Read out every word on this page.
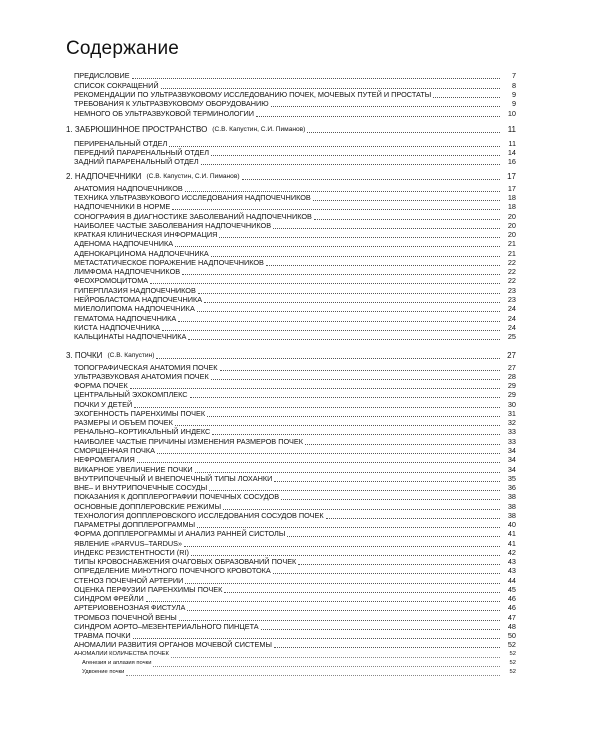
Содержание
ПРЕДИСЛОВИЕ	7
СПИСОК СОКРАЩЕНИЙ	8
РЕКОМЕНДАЦИИ ПО УЛЬТРАЗВУКОВОМУ ИССЛЕДОВАНИЮ ПОЧЕК, МОЧЕВЫХ ПУТЕЙ И ПРОСТАТЫ	9
ТРЕБОВАНИЯ К УЛЬТРАЗВУКОВОМУ ОБОРУДОВАНИЮ	9
НЕМНОГО ОБ УЛЬТРАЗВУКОВОЙ ТЕРМИНОЛОГИИ	10
1. ЗАБРЮШИННОЕ ПРОСТРАНСТВО (С.В. Капустин, С.И. Пиманов)	11
ПЕРИРЕНАЛЬНЫЙ ОТДЕЛ	11
ПЕРЕДНИЙ ПАРАРЕНАЛЬНЫЙ ОТДЕЛ	14
ЗАДНИЙ ПАРАРЕНАЛЬНЫЙ ОТДЕЛ	16
2. НАДПОЧЕЧНИКИ (С.В. Капустин, С.И. Пиманов)	17
АНАТОМИЯ НАДПОЧЕЧНИКОВ	17
ТЕХНИКА УЛЬТРАЗВУКОВОГО ИССЛЕДОВАНИЯ НАДПОЧЕЧНИКОВ	18
НАДПОЧЕЧНИКИ В НОРМЕ	18
СОНОГРАФИЯ В ДИАГНОСТИКЕ ЗАБОЛЕВАНИЙ НАДПОЧЕЧНИКОВ	20
НАИБОЛЕЕ ЧАСТЫЕ ЗАБОЛЕВАНИЯ НАДПОЧЕЧНИКОВ	20
КРАТКАЯ КЛИНИЧЕСКАЯ ИНФОРМАЦИЯ	20
АДЕНОМА НАДПОЧЕЧНИКА	21
АДЕНОКАРЦИНОМА НАДПОЧЕЧНИКА	21
МЕТАСТАТИЧЕСКОЕ ПОРАЖЕНИЕ НАДПОЧЕЧНИКОВ	22
ЛИМФОМА НАДПОЧЕЧНИКОВ	22
ФЕОХРОМОЦИТОМА	22
ГИПЕРПЛАЗИЯ НАДПОЧЕЧНИКОВ	23
НЕЙРОБЛАСТОМА НАДПОЧЕЧНИКА	23
МИЕЛОЛИПОМА НАДПОЧЕЧНИКА	24
ГЕМАТОМА НАДПОЧЕЧНИКА	24
КИСТА НАДПОЧЕЧНИКА	24
КАЛЬЦИНАТЫ НАДПОЧЕЧНИКА	25
3. ПОЧКИ (С.В. Капустин)	27
ТОПОГРАФИЧЕСКАЯ АНАТОМИЯ ПОЧЕК	27
УЛЬТРАЗВУКОВАЯ АНАТОМИЯ ПОЧЕК	28
ФОРМА ПОЧЕК	29
ЦЕНТРАЛЬНЫЙ ЭХОКОМПЛЕКС	29
ПОЧКИ У ДЕТЕЙ	30
ЭХОГЕННОСТЬ ПАРЕНХИМЫ ПОЧЕК	31
РАЗМЕРЫ И ОБЪЕМ ПОЧЕК	32
РЕНАЛЬНО–КОРТИКАЛЬНЫЙ ИНДЕКС	33
НАИБОЛЕЕ ЧАСТЫЕ ПРИЧИНЫ ИЗМЕНЕНИЯ РАЗМЕРОВ ПОЧЕК	33
СМОРЩЕННАЯ ПОЧКА	34
НЕФРОМЕГАЛИЯ	34
ВИКАРНОЕ УВЕЛИЧЕНИЕ ПОЧКИ	34
ВНУТРИПОЧЕЧНЫЙ И ВНЕПОЧЕЧНЫЙ ТИПЫ ЛОХАНКИ	35
ВНЕ– И ВНУТРИПОЧЕЧНЫЕ СОСУДЫ	36
ПОКАЗАНИЯ К ДОППЛЕРОГРАФИИ ПОЧЕЧНЫХ СОСУДОВ	38
ОСНОВНЫЕ ДОППЛЕРОВСКИЕ РЕЖИМЫ	38
ТЕХНОЛОГИЯ ДОППЛЕРОВСКОГО ИССЛЕДОВАНИЯ СОСУДОВ ПОЧЕК	38
ПАРАМЕТРЫ ДОППЛЕРОГРАММЫ	40
ФОРМА ДОППЛЕРОГРАММЫ И АНАЛИЗ РАННЕЙ СИСТОЛЫ	41
ЯВЛЕНИЕ «PARVUS–TARDUS»	41
ИНДЕКС РЕЗИСТЕНТНОСТИ (RI)	42
ТИПЫ КРОВОСНАБЖЕНИЯ ОЧАГОВЫХ ОБРАЗОВАНИЙ ПОЧЕК	43
ОПРЕДЕЛЕНИЕ МИНУТНОГО ПОЧЕЧНОГО КРОВОТОКА	43
СТЕНОЗ ПОЧЕЧНОЙ АРТЕРИИ	44
ОЦЕНКА ПЕРФУЗИИ ПАРЕНХИМЫ ПОЧЕК	45
СИНДРОМ ФРЕЙЛИ	46
АРТЕРИОВЕНОЗНАЯ ФИСТУЛА	46
ТРОМБОЗ ПОЧЕЧНОЙ ВЕНЫ	47
СИНДРОМ АОРТО–МЕЗЕНТЕРИАЛЬНОГО ПИНЦЕТА	48
ТРАВМА ПОЧКИ	50
АНОМАЛИИ РАЗВИТИЯ ОРГАНОВ МОЧЕВОЙ СИСТЕМЫ	52
АНОМАЛИИ КОЛИЧЕСТВА ПОЧЕК	52
Агенезия и аплазия почки	52
Удвоение почки	52
